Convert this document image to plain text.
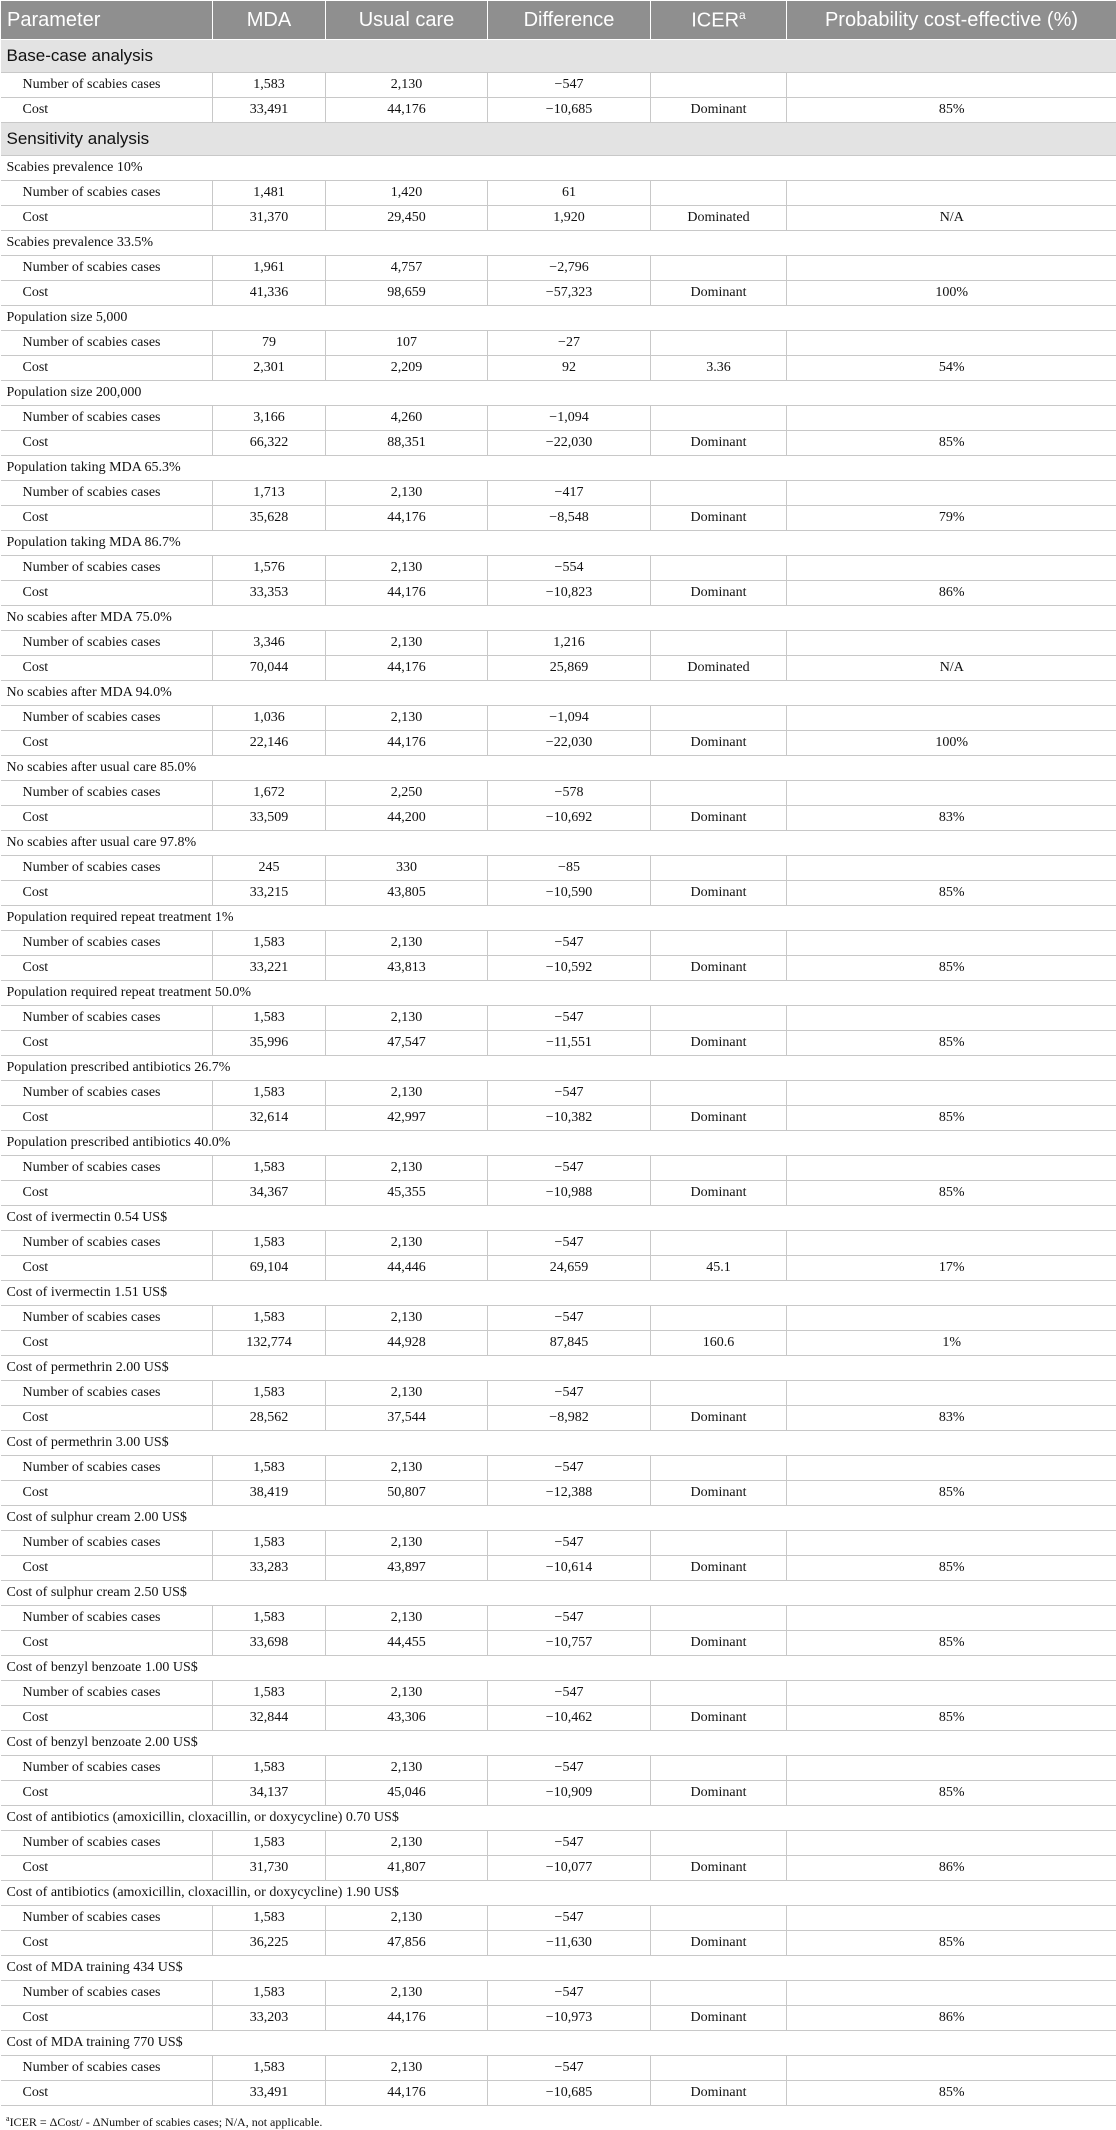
Parameter	MDA	Usual care	Difference	ICER$^a$	Probability cost-effective (%)
Base-case analysis					
Number of scabies cases	1,583	2,130	−547		
Cost	33,491	44,176	−10,685	Dominant	85%
Sensitivity analysis					
Scabies prevalence 10%					
Number of scabies cases	1,481	1,420	61		
Cost	31,370	29,450	1,920	Dominated	N/A
Scabies prevalence 33.5%					
Number of scabies cases	1,961	4,757	−2,796		
Cost	41,336	98,659	−57,323	Dominant	100%
Population size 5,000					
Number of scabies cases	79	107	−27		
Cost	2,301	2,209	92	3.36	54%
Population size 200,000					
Number of scabies cases	3,166	4,260	−1,094		
Cost	66,322	88,351	−22,030	Dominant	85%
Population taking MDA 65.3%					
Number of scabies cases	1,713	2,130	−417		
Cost	35,628	44,176	−8,548	Dominant	79%
Population taking MDA 86.7%					
Number of scabies cases	1,576	2,130	−554		
Cost	33,353	44,176	−10,823	Dominant	86%
No scabies after MDA 75.0%					
Number of scabies cases	3,346	2,130	1,216		
Cost	70,044	44,176	25,869	Dominated	N/A
No scabies after MDA 94.0%					
Number of scabies cases	1,036	2,130	−1,094		
Cost	22,146	44,176	−22,030	Dominant	100%
No scabies after usual care 85.0%					
Number of scabies cases	1,672	2,250	−578		
Cost	33,509	44,200	−10,692	Dominant	83%
No scabies after usual care 97.8%					
Number of scabies cases	245	330	−85		
Cost	33,215	43,805	−10,590	Dominant	85%
Population required repeat treatment 1%					
Number of scabies cases	1,583	2,130	−547		
Cost	33,221	43,813	−10,592	Dominant	85%
Population required repeat treatment 50.0%					
Number of scabies cases	1,583	2,130	−547		
Cost	35,996	47,547	−11,551	Dominant	85%
Population prescribed antibiotics 26.7%					
Number of scabies cases	1,583	2,130	−547		
Cost	32,614	42,997	−10,382	Dominant	85%
Population prescribed antibiotics 40.0%					
Number of scabies cases	1,583	2,130	−547		
Cost	34,367	45,355	−10,988	Dominant	85%
Cost of ivermectin 0.54 US$					
Number of scabies cases	1,583	2,130	−547		
Cost	69,104	44,446	24,659	45.1	17%
Cost of ivermectin 1.51 US$					
Number of scabies cases	1,583	2,130	−547		
Cost	132,774	44,928	87,845	160.6	1%
Cost of permethrin 2.00 US$					
Number of scabies cases	1,583	2,130	−547		
Cost	28,562	37,544	−8,982	Dominant	83%
Cost of permethrin 3.00 US$					
Number of scabies cases	1,583	2,130	−547		
Cost	38,419	50,807	−12,388	Dominant	85%
Cost of sulphur cream 2.00 US$					
Number of scabies cases	1,583	2,130	−547		
Cost	33,283	43,897	−10,614	Dominant	85%
Cost of sulphur cream 2.50 US$					
Number of scabies cases	1,583	2,130	−547		
Cost	33,698	44,455	−10,757	Dominant	85%
Cost of benzyl benzoate 1.00 US$					
Number of scabies cases	1,583	2,130	−547		
Cost	32,844	43,306	−10,462	Dominant	85%
Cost of benzyl benzoate 2.00 US$					
Number of scabies cases	1,583	2,130	−547		
Cost	34,137	45,046	−10,909	Dominant	85%
Cost of antibiotics (amoxicillin, cloxacillin, or doxycycline) 0.70 US$					
Number of scabies cases	1,583	2,130	−547		
Cost	31,730	41,807	−10,077	Dominant	86%
Cost of antibiotics (amoxicillin, cloxacillin, or doxycycline) 1.90 US$					
Number of scabies cases	1,583	2,130	−547		
Cost	36,225	47,856	−11,630	Dominant	85%
Cost of MDA training 434 US$					
Number of scabies cases	1,583	2,130	−547		
Cost	33,203	44,176	−10,973	Dominant	86%
Cost of MDA training 770 US$					
Number of scabies cases	1,583	2,130	−547		
Cost	33,491	44,176	−10,685	Dominant	85%
$^a$ICER = ΔCost/ - ΔNumber of scabies cases; N/A, not applicable.
